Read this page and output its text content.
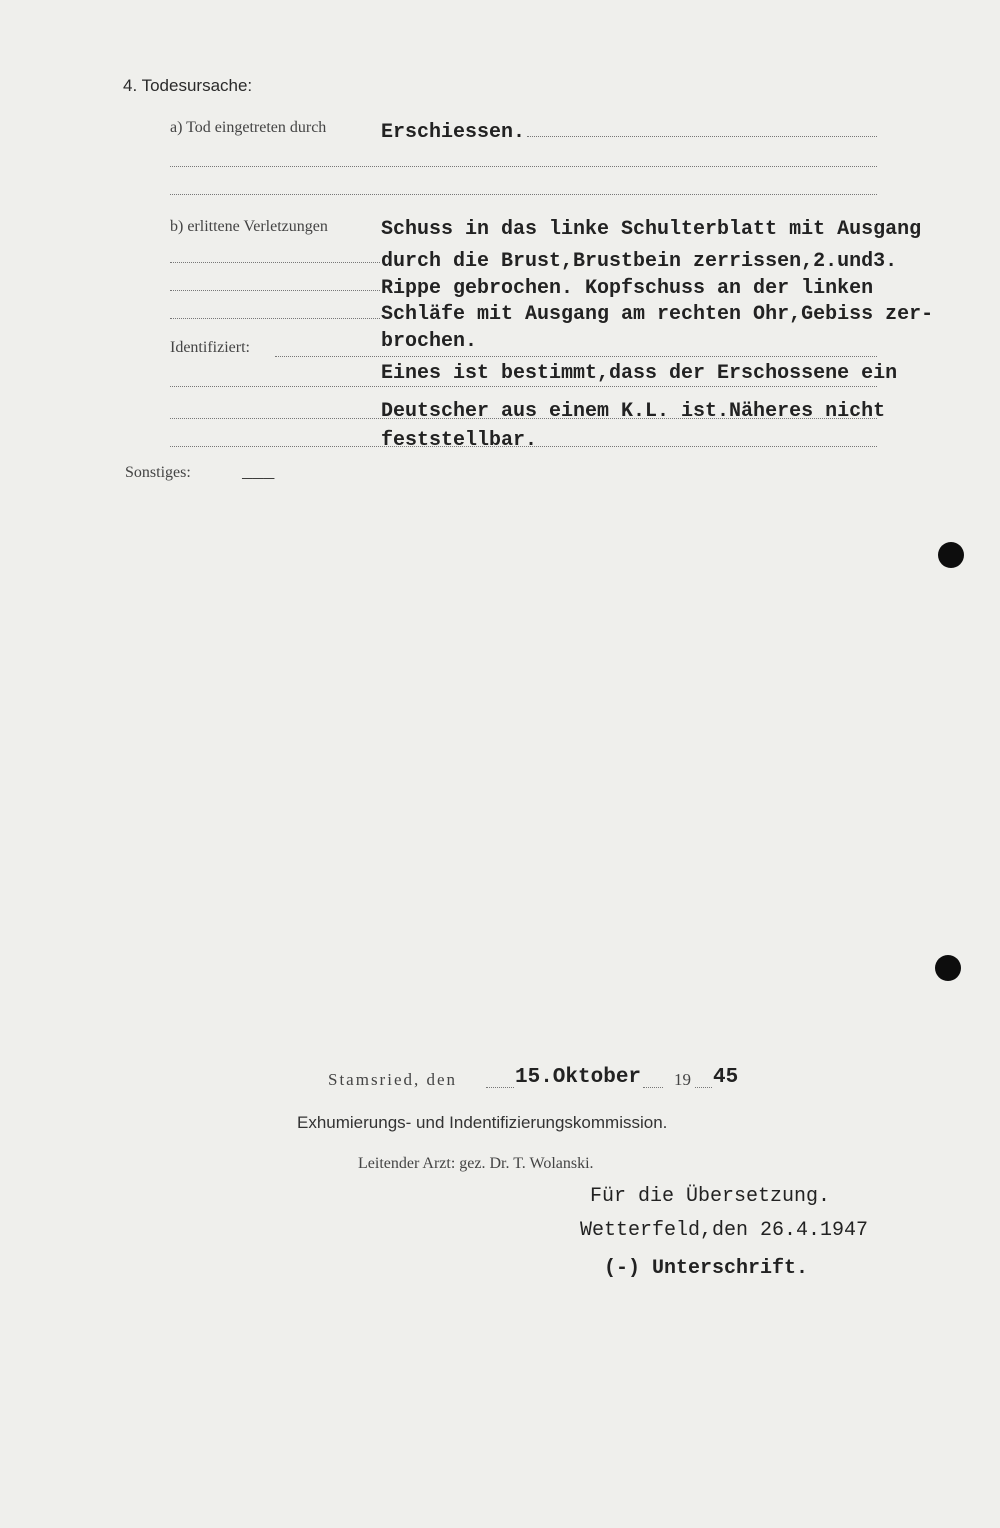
4. Todesursache:
a) Tod eingetreten durch	Erschiessen.
b) erlittene Verletzungen	Schuss in das linke Schulterblatt mit Ausgang
durch die Brust,Brustbein zerrissen,2.und3.
Rippe gebrochen. Kopfschuss an der linken
Schläfe mit Ausgang am rechten Ohr,Gebiss zer-
brochen.
Identifiziert:
Eines ist bestimmt,dass der Erschossene ein
Deutscher aus einem K.L. ist.Näheres nicht
feststellbar.
Sonstiges:	___
Stamsried, den	15.Oktober 19 45
Exhumierungs- und Indentifizierungskommission.
Leitender Arzt: gez. Dr. T. Wolanski.
Für die Übersetzung.
Wetterfeld,den 26.4.1947
(-) Unterschrift.
